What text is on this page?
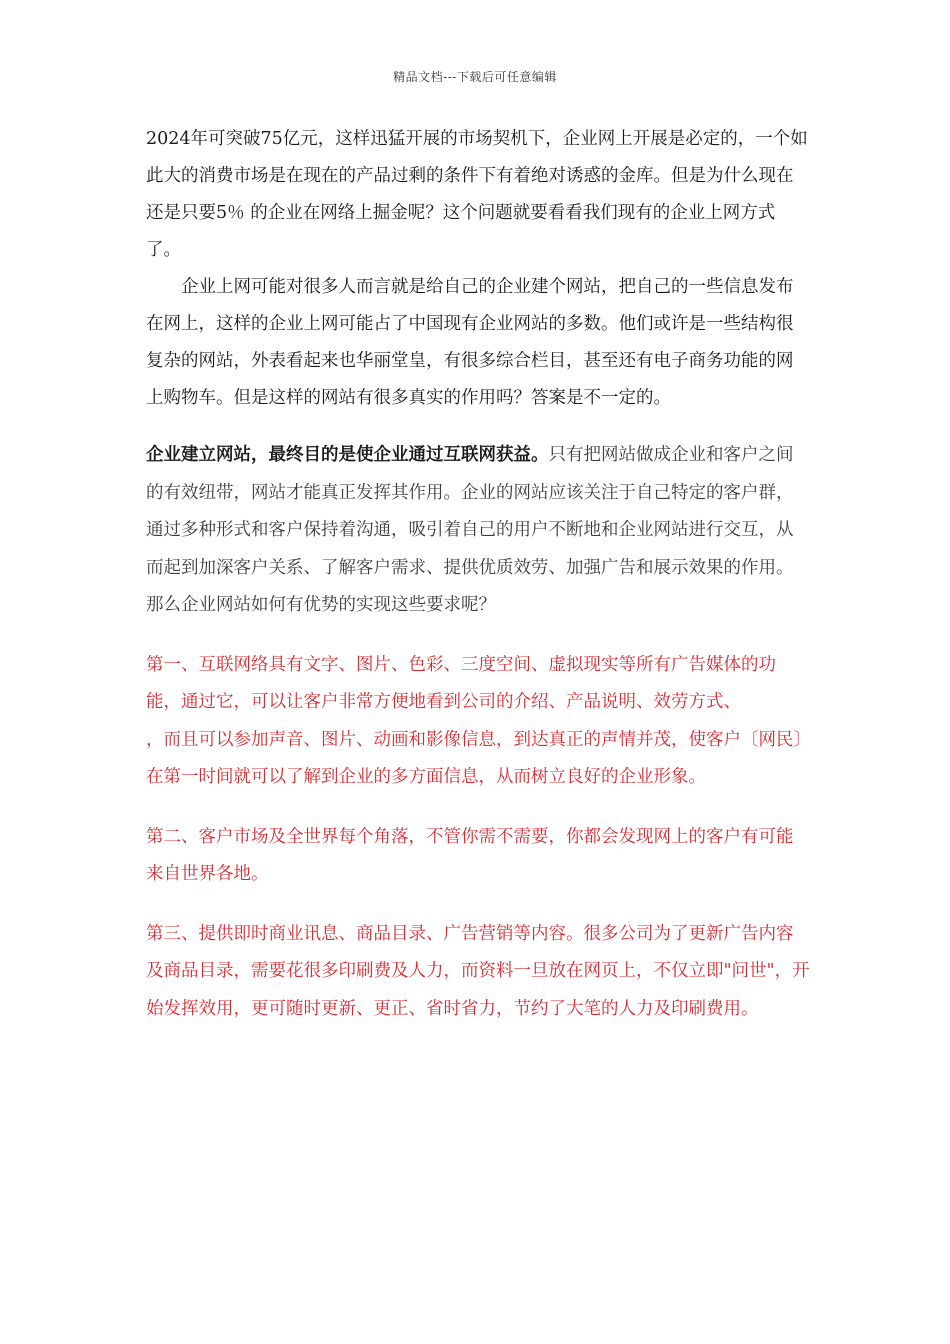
精品文档---下载后可任意编辑

2024年可突破75亿元，这样迅猛开展的市场契机下，企业网上开展是必定的，一个如此大的消费市场是在现在的产品过剩的条件下有着绝对诱惑的金库。但是为什么现在还是只要5％ 的企业在网络上掘金呢？这个问题就要看看我们现有的企业上网方式了。

企业上网可能对很多人而言就是给自己的企业建个网站，把自己的一些信息发布在网上，这样的企业上网可能占了中国现有企业网站的多数。他们或许是一些结构很复杂的网站，外表看起来也华丽堂皇，有很多综合栏目，甚至还有电子商务功能的网上购物车。但是这样的网站有很多真实的作用吗？答案是不一定的。

企业建立网站，最终目的是使企业通过互联网获益。只有把网站做成企业和客户之间的有效纽带，网站才能真正发挥其作用。企业的网站应该关注于自己特定的客户群，通过多种形式和客户保持着沟通，吸引着自己的用户不断地和企业网站进行交互，从而起到加深客户关系、了解客户需求、提供优质效劳、加强广告和展示效果的作用。那么企业网站如何有优势的实现这些要求呢？

第一、互联网络具有文字、图片、色彩、三度空间、虚拟现实等所有广告媒体的功能，通过它，可以让客户非常方便地看到公司的介绍、产品说明、效劳方式、，而且可以参加声音、图片、动画和影像信息，到达真正的声情并茂，使客户〔网民〕在第一时间就可以了解到企业的多方面信息，从而树立良好的企业形象。

第二、客户市场及全世界每个角落，不管你需不需要，你都会发现网上的客户有可能来自世界各地。

第三、提供即时商业讯息、商品目录、广告营销等内容。很多公司为了更新广告内容及商品目录，需要花很多印刷费及人力，而资料一旦放在网页上，不仅立即"问世"，开始发挥效用，更可随时更新、更正、省时省力，节约了大笔的人力及印刷费用。
